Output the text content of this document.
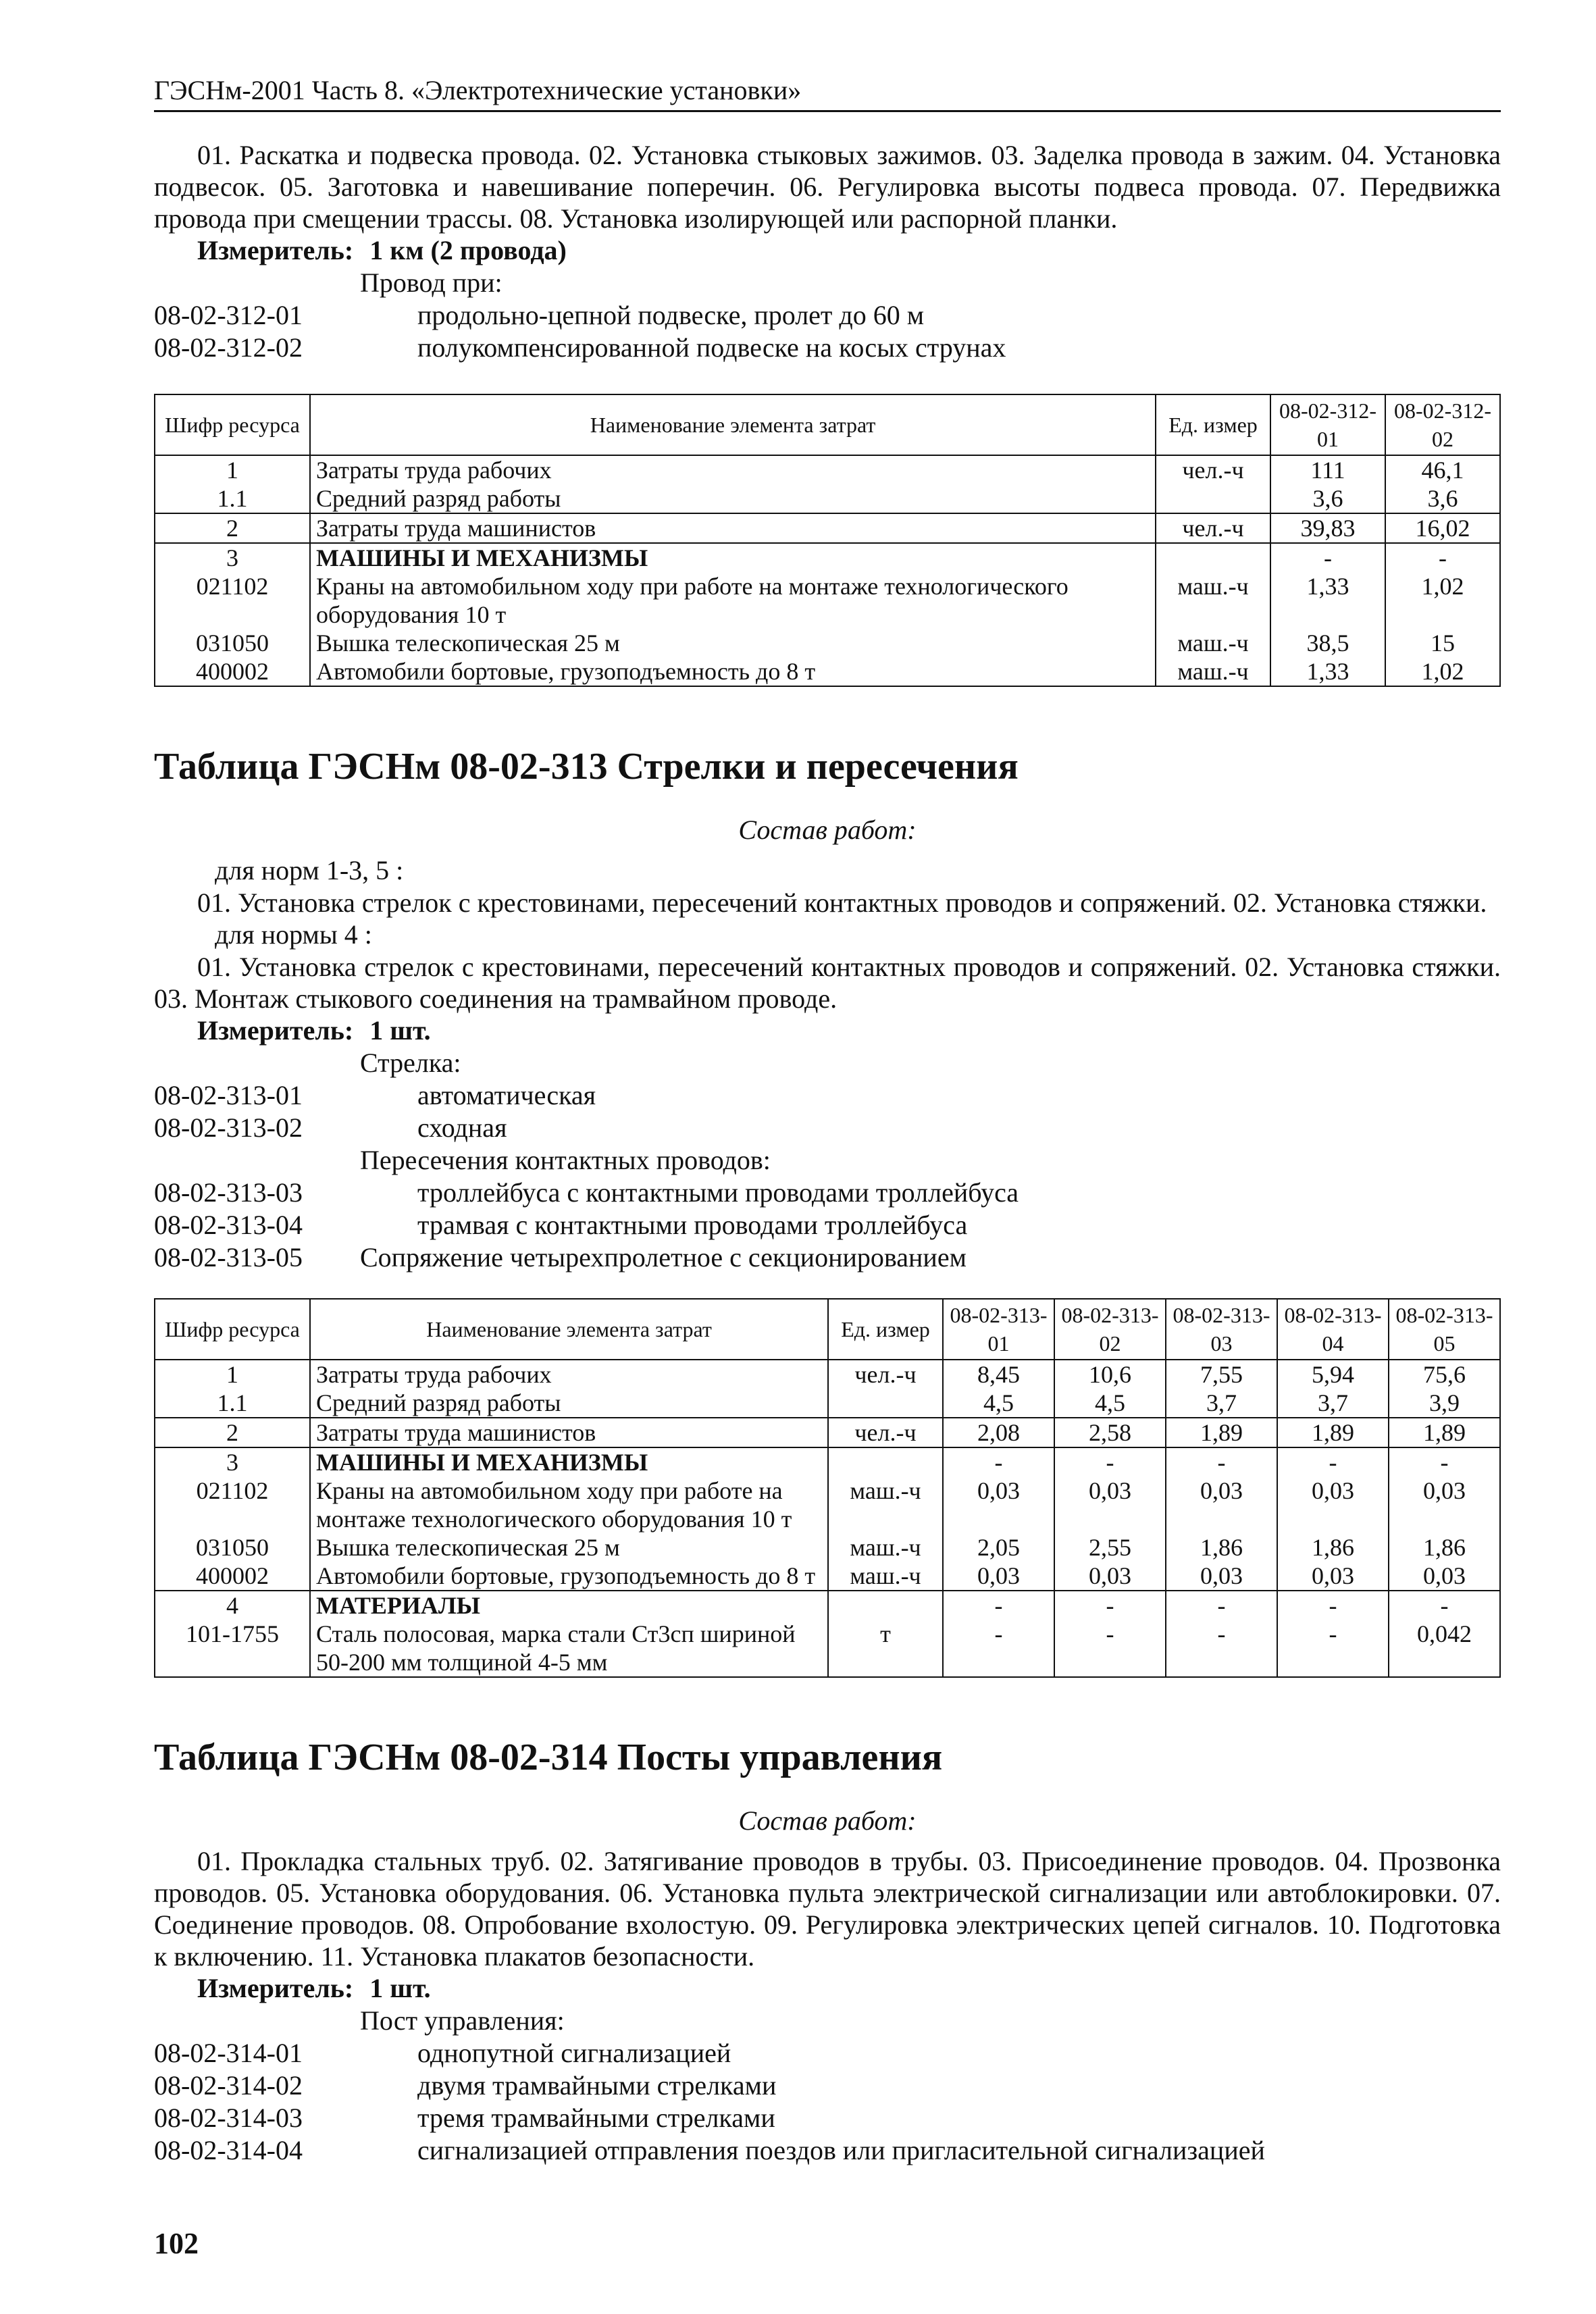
ГЭСНм-2001 Часть 8. «Электротехнические установки»

01. Раскатка и подвеска провода. 02. Установка стыковых зажимов. 03. Заделка провода в зажим. 04. Установка подвесок. 05. Заготовка и навешивание поперечин. 06. Регулировка высоты подвеса провода. 07. Передвижка провода при смещении трассы. 08. Установка изолирующей или распорной планки.

Измеритель: 1 км (2 провода)
Провод при:
08-02-312-01	продольно-цепной подвеске, пролет до 60 м
08-02-312-02	полукомпенсированной подвеске на косых струнах
Шифр ресурса	Наименование элемента затрат	Ед. измер	08-02-312-01	08-02-312-02
1	Затраты труда рабочих	чел.-ч	111	46,1
1.1	Средний разряд работы		3,6	3,6
2	Затраты труда машинистов	чел.-ч	39,83	16,02
3	МАШИНЫ И МЕХАНИЗМЫ		-	-
021102	Краны на автомобильном ходу при работе на монтаже технологического оборудования 10 т	маш.-ч	1,33	1,02
031050	Вышка телескопическая 25 м	маш.-ч	38,5	15
400002	Автомобили бортовые, грузоподъемность до 8 т	маш.-ч	1,33	1,02
Таблица ГЭСНм 08-02-313 Стрелки и пересечения
Состав работ:
для норм 1-3, 5 :

01. Установка стрелок с крестовинами, пересечений контактных проводов и сопряжений. 02. Установка стяжки.

для нормы 4 :

01. Установка стрелок с крестовинами, пересечений контактных проводов и сопряжений. 02. Установка стяжки. 03. Монтаж стыкового соединения на трамвайном проводе.

Измеритель: 1 шт.
Стрелка:
08-02-313-01	автоматическая
08-02-313-02	сходная
Пересечения контактных проводов:
08-02-313-03	троллейбуса с контактными проводами троллейбуса
08-02-313-04	трамвая с контактными проводами троллейбуса
08-02-313-05	Сопряжение четырехпролетное с секционированием
Шифр ресурса	Наименование элемента затрат	Ед. измер	08-02-313-01	08-02-313-02	08-02-313-03	08-02-313-04	08-02-313-05
1	Затраты труда рабочих	чел.-ч	8,45	10,6	7,55	5,94	75,6
1.1	Средний разряд работы		4,5	4,5	3,7	3,7	3,9
2	Затраты труда машинистов	чел.-ч	2,08	2,58	1,89	1,89	1,89
3	МАШИНЫ И МЕХАНИЗМЫ		-	-	-	-	-
021102	Краны на автомобильном ходу при работе на монтаже технологического оборудования 10 т	маш.-ч	0,03	0,03	0,03	0,03	0,03
031050	Вышка телескопическая 25 м	маш.-ч	2,05	2,55	1,86	1,86	1,86
400002	Автомобили бортовые, грузоподъемность до 8 т	маш.-ч	0,03	0,03	0,03	0,03	0,03
4	МАТЕРИАЛЫ		-	-	-	-	-
101-1755	Сталь полосовая, марка стали Ст3сп шириной 50-200 мм толщиной 4-5 мм	т	-	-	-	-	0,042
Таблица ГЭСНм 08-02-314 Посты управления
Состав работ:

01. Прокладка стальных труб. 02. Затягивание проводов в трубы. 03. Присоединение проводов. 04. Прозвонка проводов. 05. Установка оборудования. 06. Установка пульта электрической сигнализации или автоблокировки. 07. Соединение проводов. 08. Опробование вхолостую. 09. Регулировка электрических цепей сигналов. 10. Подготовка к включению. 11. Установка плакатов безопасности.

Измеритель: 1 шт.
Пост управления:
08-02-314-01	однопутной сигнализацией
08-02-314-02	двумя трамвайными стрелками
08-02-314-03	тремя трамвайными стрелками
08-02-314-04	сигнализацией отправления поездов или пригласительной сигнализацией
102
